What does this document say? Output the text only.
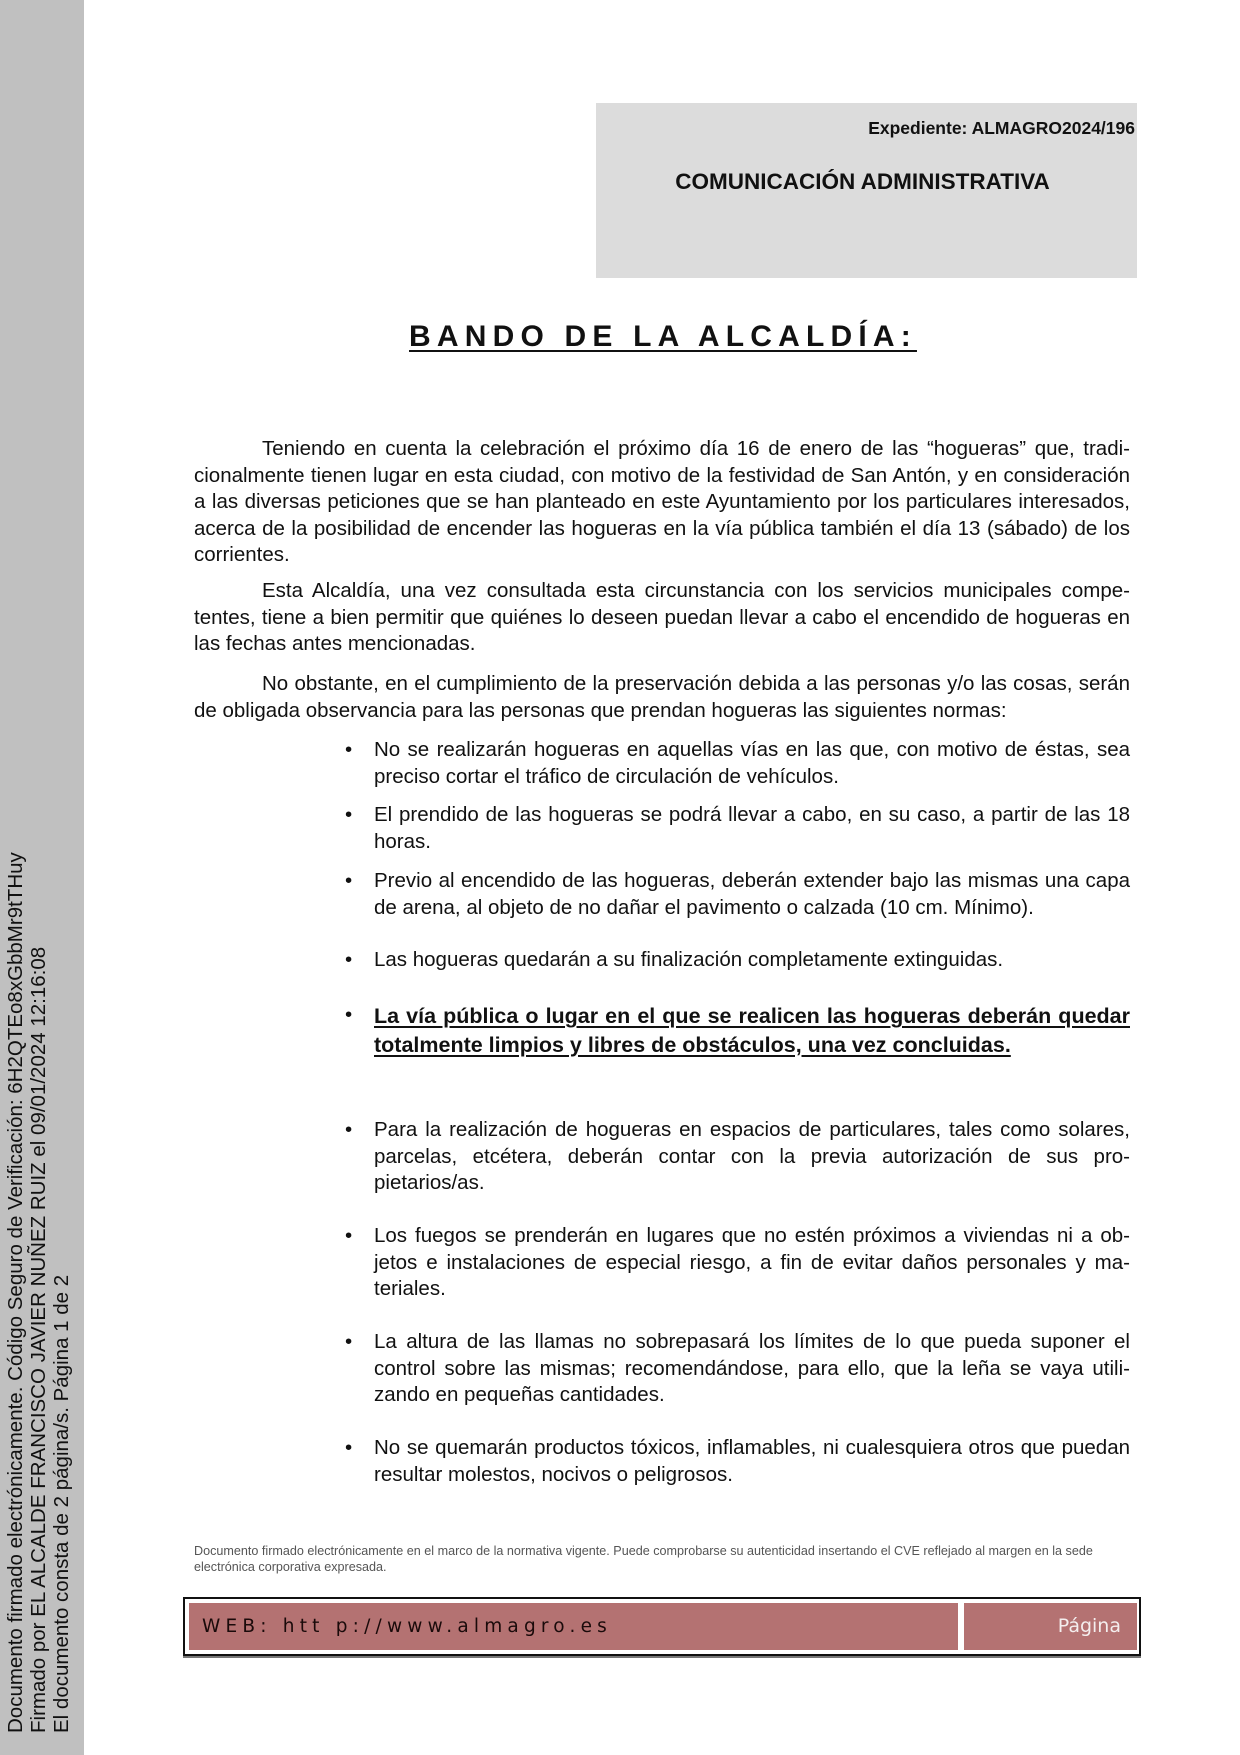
Documento firmado electrónicamente. Código Seguro de Verificación: 6H2QTEo8xGbbMr9tTHuy Firmado por EL ALCALDE FRANCISCO JAVIER NUÑEZ RUIZ el 09/01/2024 12:16:08 El documento consta de 2 página/s. Página 1 de 2
Expediente: ALMAGRO2024/196
COMUNICACIÓN ADMINISTRATIVA
BANDO DE LA ALCALDÍA:

Teniendo en cuenta la celebración el próximo día 16 de enero de las “hogueras” que, tradicionalmente tienen lugar en esta ciudad, con motivo de la festividad de San Antón, y en consideración a las diversas peticiones que se han planteado en este Ayuntamiento por los particulares interesados, acerca de la posibilidad de encender las hogueras en la vía pública también el día 13 (sábado) de los corrientes.

Esta Alcaldía, una vez consultada esta circunstancia con los servicios municipales competentes, tiene a bien permitir que quiénes lo deseen puedan llevar a cabo el encendido de hogueras en las fechas antes mencionadas.

No obstante, en el cumplimiento de la preservación debida a las personas y/o las cosas, serán de obligada observancia para las personas que prendan hogueras las siguientes normas:

•	No se realizarán hogueras en aquellas vías en las que, con motivo de éstas, sea preciso cortar el tráfico de circulación de vehículos.
•	El prendido de las hogueras se podrá llevar a cabo, en su caso, a partir de las 18 horas.
•	Previo al encendido de las hogueras, deberán extender bajo las mismas una capa de arena, al objeto de no dañar el pavimento o calzada (10 cm. Mínimo).
•	Las hogueras quedarán a su finalización completamente extinguidas.
•	La vía pública o lugar en el que se realicen las hogueras deberán quedar totalmente limpios y libres de obstáculos, una vez concluidas.
•	Para la realización de hogueras en espacios de particulares, tales como solares, parcelas, etcétera, deberán contar con la previa autorización de sus propietarios/as.
•	Los fuegos se prenderán en lugares que no estén próximos a viviendas ni a objetos e instalaciones de especial riesgo, a fin de evitar daños personales y materiales.
•	La altura de las llamas no sobrepasará los límites de lo que pueda suponer el control sobre las mismas; recomendándose, para ello, que la leña se vaya utilizando en pequeñas cantidades.
•	No se quemarán productos tóxicos, inflamables, ni cualesquiera otros que puedan resultar molestos, nocivos o peligrosos.
Documento firmado electrónicamente en el marco de la normativa vigente. Puede comprobarse su autenticidad insertando el CVE reflejado al margen en la sede electrónica corporativa expresada.
WEB: htt p://www.almagro.es	Página
